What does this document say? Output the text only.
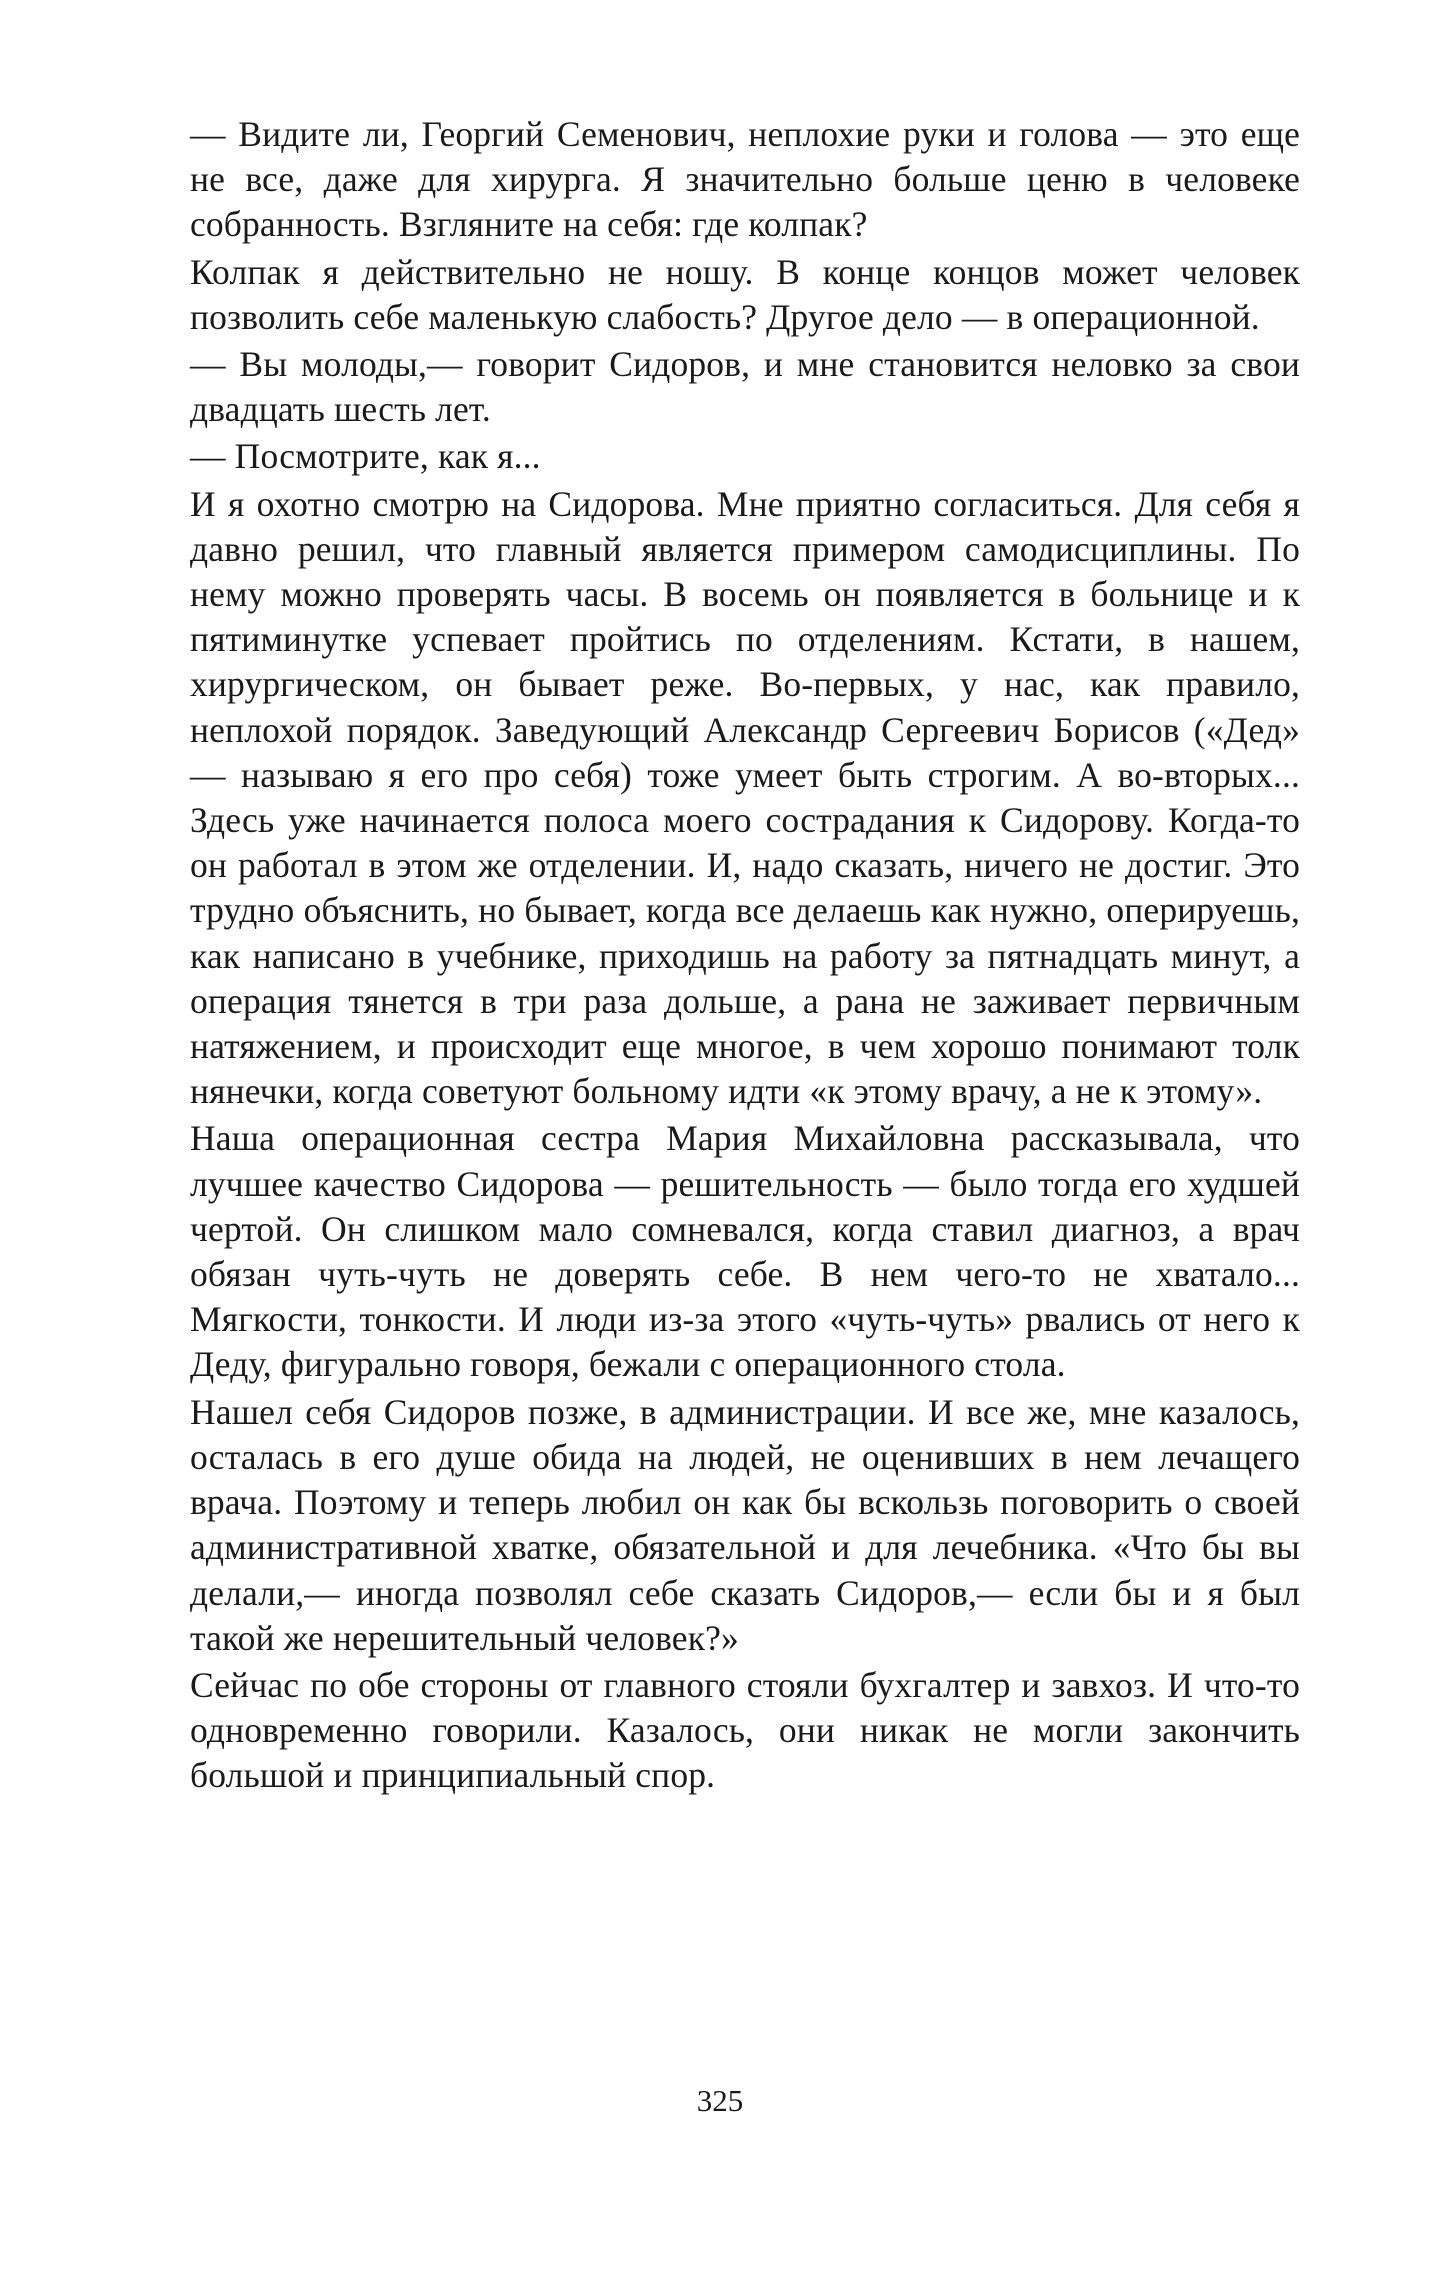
— Видите ли, Георгий Семенович, неплохие руки и голова — это еще не все, даже для хирурга. Я значительно больше ценю в человеке собранность. Взгляните на себя: где колпак?

Колпак я действительно не ношу. В конце концов может человек позволить себе маленькую слабость? Другое дело — в операционной.

— Вы молоды,— говорит Сидоров, и мне становится неловко за свои двадцать шесть лет.

— Посмотрите, как я...

И я охотно смотрю на Сидорова. Мне приятно согласиться. Для себя я давно решил, что главный является примером самодисциплины. По нему можно проверять часы. В восемь он появляется в больнице и к пятиминутке успевает пройтись по отделениям. Кстати, в нашем, хирургическом, он бывает реже. Во-первых, у нас, как правило, неплохой порядок. Заведующий Александр Сергеевич Борисов («Дед» — называю я его про себя) тоже умеет быть строгим. А во-вторых... Здесь уже начинается полоса моего сострадания к Сидорову. Когда-то он работал в этом же отделении. И, надо сказать, ничего не достиг. Это трудно объяснить, но бывает, когда все делаешь как нужно, оперируешь, как написано в учебнике, приходишь на работу за пятнадцать минут, а операция тянется в три раза дольше, а рана не заживает первичным натяжением, и происходит еще многое, в чем хорошо понимают толк нянечки, когда советуют больному идти «к этому врачу, а не к этому».

Наша операционная сестра Мария Михайловна рассказывала, что лучшее качество Сидорова — решительность — было тогда его худшей чертой. Он слишком мало сомневался, когда ставил диагноз, а врач обязан чуть-чуть не доверять себе. В нем чего-то не хватало... Мягкости, тонкости. И люди из-за этого «чуть-чуть» рвались от него к Деду, фигурально говоря, бежали с операционного стола.

Нашел себя Сидоров позже, в администрации. И все же, мне казалось, осталась в его душе обида на людей, не оценивших в нем лечащего врача. Поэтому и теперь любил он как бы вскользь поговорить о своей административной хватке, обязательной и для лечебника. «Что бы вы делали,— иногда позволял себе сказать Сидоров,— если бы и я был такой же нерешительный человек?»

Сейчас по обе стороны от главного стояли бухгалтер и завхоз. И что-то одновременно говорили. Казалось, они никак не могли закончить большой и принципиальный спор.

325
